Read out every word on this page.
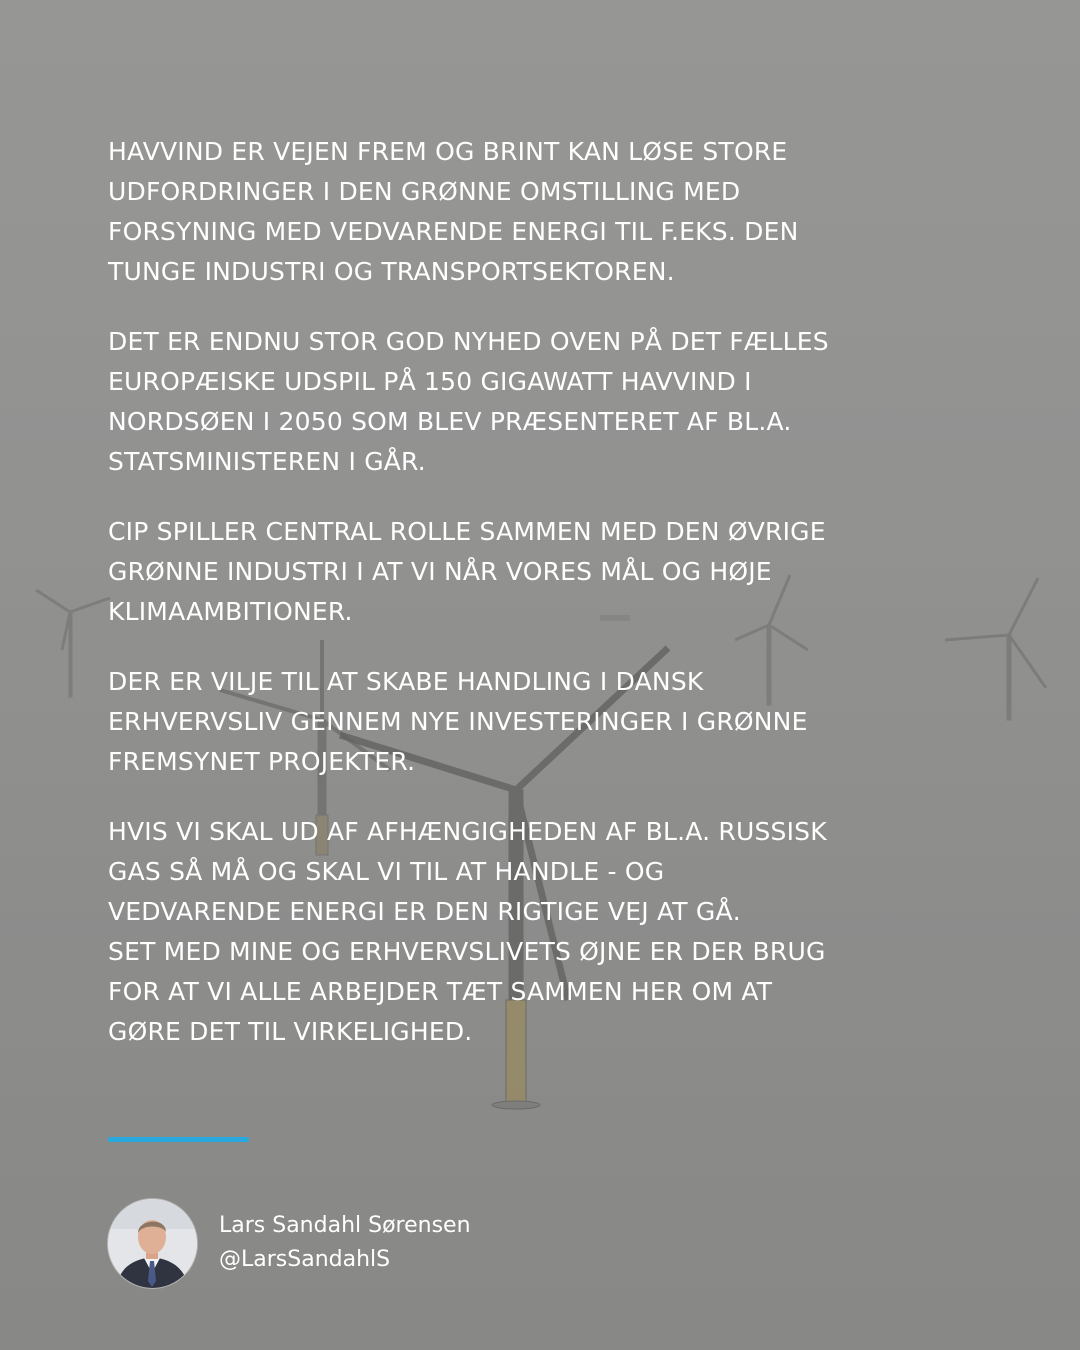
HAVVIND ER VEJEN FREM OG BRINT KAN LØSE STORE
UDFORDRINGER I DEN GRØNNE OMSTILLING MED
FORSYNING MED VEDVARENDE ENERGI TIL F.EKS. DEN
TUNGE INDUSTRI OG TRANSPORTSEKTOREN.

DET ER ENDNU STOR GOD NYHED OVEN PÅ DET FÆLLES
EUROPÆISKE UDSPIL PÅ 150 GIGAWATT HAVVIND I
NORDSØEN I 2050 SOM BLEV PRÆSENTERET AF BL.A.
STATSMINISTEREN I GÅR.

CIP SPILLER CENTRAL ROLLE SAMMEN MED DEN ØVRIGE
GRØNNE INDUSTRI I AT VI NÅR VORES MÅL OG HØJE
KLIMAAMBITIONER.

DER ER VILJE TIL AT SKABE HANDLING I DANSK
ERHVERVSLIV GENNEM NYE INVESTERINGER I GRØNNE
FREMSYNET PROJEKTER.

HVIS VI SKAL UD AF AFHÆNGIGHEDEN AF BL.A. RUSSISK
GAS SÅ MÅ OG SKAL VI TIL AT HANDLE - OG
VEDVARENDE ENERGI ER DEN RIGTIGE VEJ AT GÅ.
SET MED MINE OG ERHVERVSLIVETS ØJNE ER DER BRUG
FOR AT VI ALLE ARBEJDER TÆT SAMMEN HER OM AT
GØRE DET TIL VIRKELIGHED.

Lars Sandahl Sørensen
@LarsSandahlS
